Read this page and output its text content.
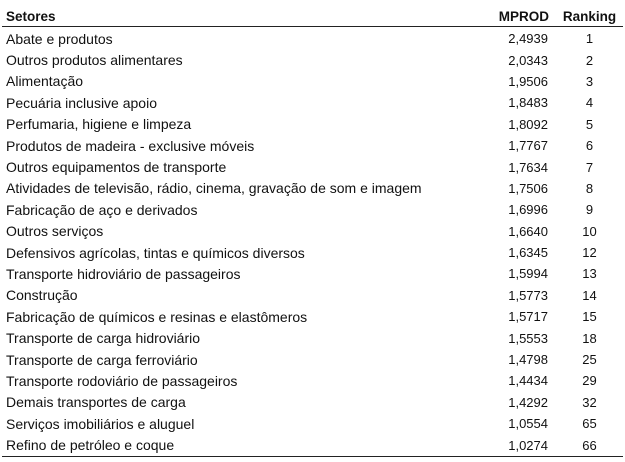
Setores	MPROD	Ranking
Abate e produtos	2,4939	1
Outros produtos alimentares	2,0343	2
Alimentação	1,9506	3
Pecuária inclusive apoio	1,8483	4
Perfumaria, higiene e limpeza	1,8092	5
Produtos de madeira - exclusive móveis	1,7767	6
Outros equipamentos de transporte	1,7634	7
Atividades de televisão, rádio, cinema, gravação de som e imagem	1,7506	8
Fabricação de aço e derivados	1,6996	9
Outros serviços	1,6640	10
Defensivos agrícolas, tintas e químicos diversos	1,6345	12
Transporte hidroviário de passageiros	1,5994	13
Construção	1,5773	14
Fabricação de químicos e resinas e elastômeros	1,5717	15
Transporte de carga hidroviário	1,5553	18
Transporte de carga ferroviário	1,4798	25
Transporte rodoviário de passageiros	1,4434	29
Demais transportes de carga	1,4292	32
Serviços imobiliários e aluguel	1,0554	65
Refino de petróleo e coque	1,0274	66
